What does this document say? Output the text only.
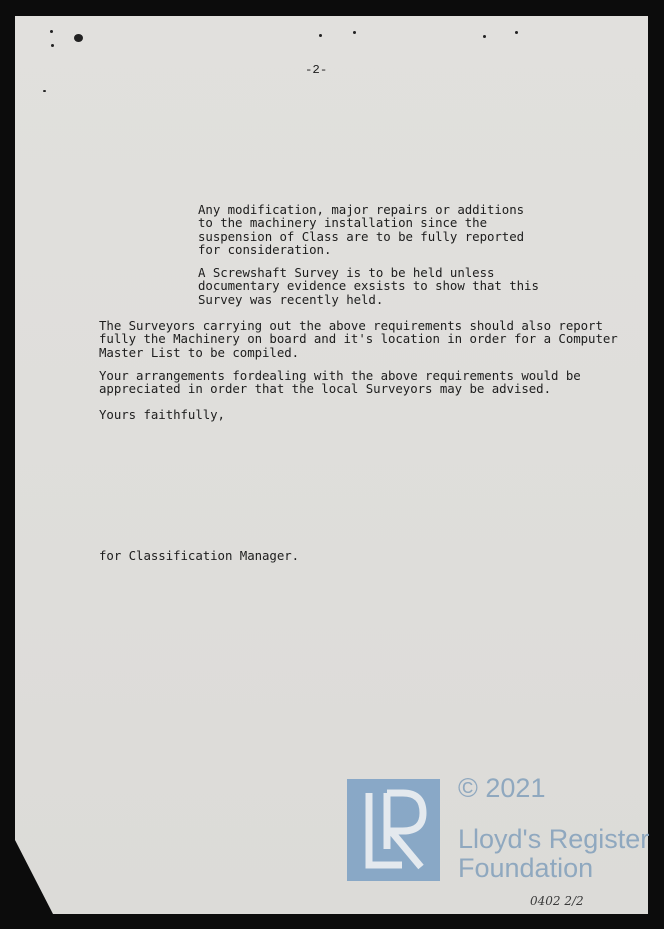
-2-
Any modification, major repairs or additions
to the machinery installation since the
suspension of Class are to be fully reported
for consideration.
A Screwshaft Survey is to be held unless
documentary evidence exsists to show that this
Survey was recently held.
The Surveyors carrying out the above requirements should also report
fully the Machinery on board and it's location in order for a Computer
Master List to be compiled.
Your arrangements fordealing with the above requirements would be
appreciated in order that the local Surveyors may be advised.
Yours faithfully,
for Classification Manager.
© 2021
Lloyd's Register
Foundation
0402 2/2
